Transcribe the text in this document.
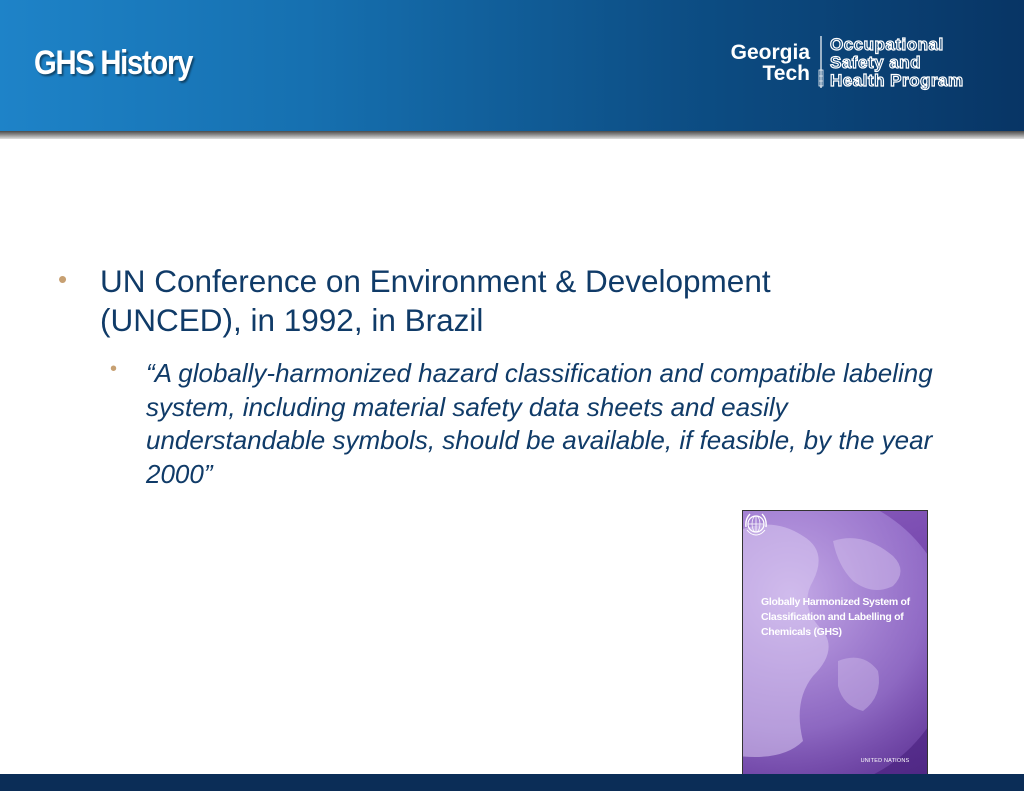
GHS History	Georgia
Tech
Occupational
Safety and
Health Program
• UN Conference on Environment & Development (UNCED), in 1992, in Brazil
• “A globally-harmonized hazard classification and compatible labeling system, including material safety data sheets and easily understandable symbols, should be available, if feasible, by the year 2000”
Globally Harmonized System of Classification and Labelling of Chemicals (GHS)
UNITED NATIONS
